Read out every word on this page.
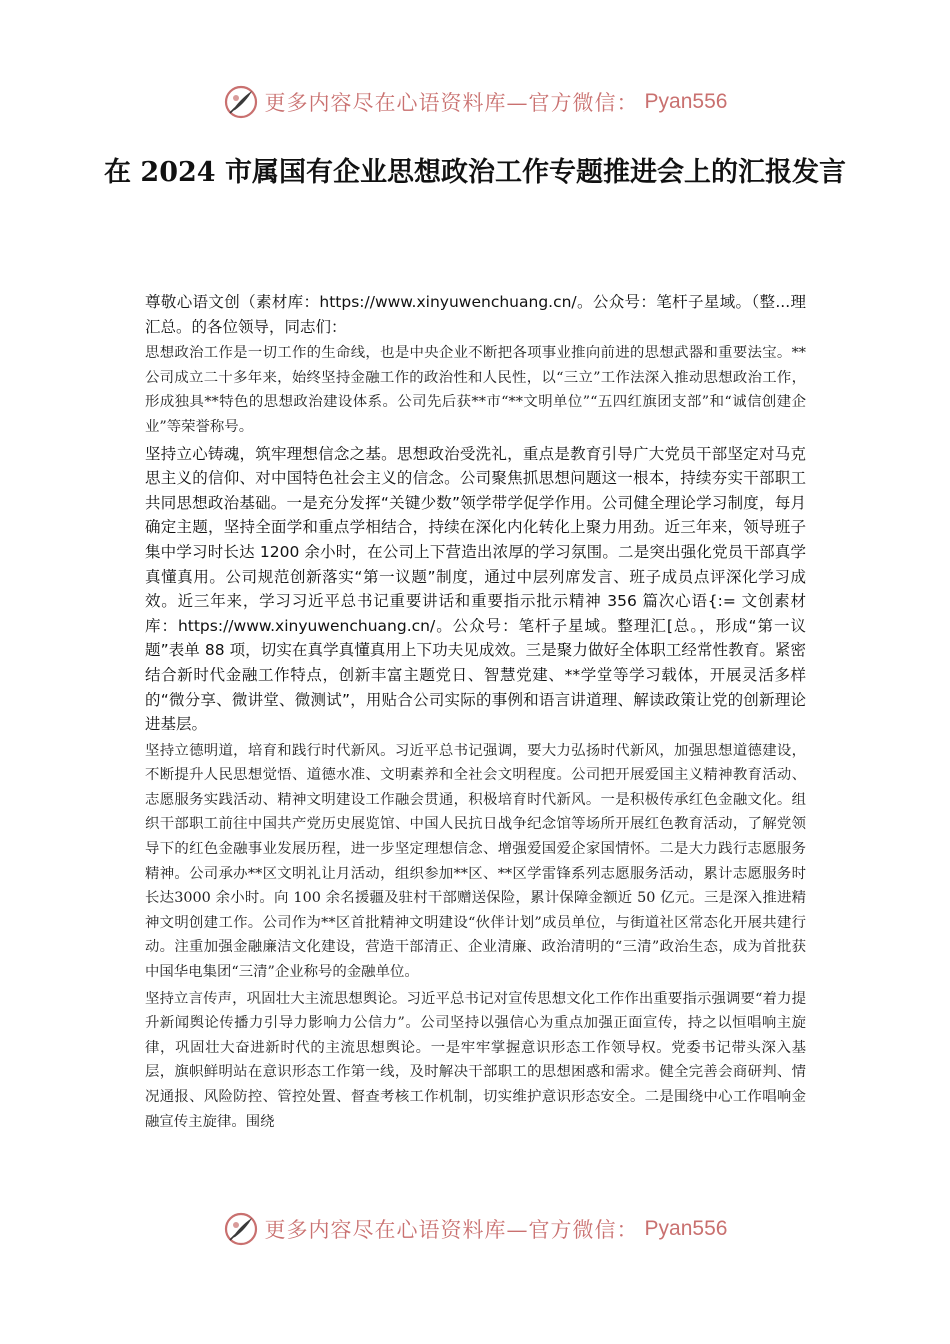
更多内容尽在心语资料库—官方微信： Pyan556
在 2024 市属国有企业思想政治工作专题推进会上的汇报发言

尊敬心语文创（素材库：https://www.xinyuwenchuang.cn/。公众号：笔杆子星域。（整...理汇总。的各位领导，同志们：

思想政治工作是一切工作的生命线，也是中央企业不断把各项事业推向前进的思想武器和重要法宝。**公司成立二十多年来，始终坚持金融工作的政治性和人民性，以“三立”工作法深入推动思想政治工作，形成独具**特色的思想政治建设体系。公司先后获**市“**文明单位”“五四红旗团支部”和“诚信创建企业”等荣誉称号。

坚持立心铸魂，筑牢理想信念之基。思想政治受洗礼，重点是教育引导广大党员干部坚定对马克思主义的信仰、对中国特色社会主义的信念。公司聚焦抓思想问题这一根本，持续夯实干部职工共同思想政治基础。一是充分发挥“关键少数”领学带学促学作用。公司健全理论学习制度，每月确定主题，坚持全面学和重点学相结合，持续在深化内化转化上聚力用劲。近三年来，领导班子集中学习时长达 1200 余小时，在公司上下营造出浓厚的学习氛围。二是突出强化党员干部真学真懂真用。公司规范创新落实“第一议题”制度，通过中层列席发言、班子成员点评深化学习成效。近三年来，学习习近平总书记重要讲话和重要指示批示精神 356 篇次心语{:= 文创素材库：https://www.xinyuwenchuang.cn/。公众号：笔杆子星域。整理汇[总。，形成“第一议题”表单 88 项，切实在真学真懂真用上下功夫见成效。三是聚力做好全体职工经常性教育。紧密结合新时代金融工作特点，创新丰富主题党日、智慧党建、**学堂等学习载体，开展灵活多样的“微分享、微讲堂、微测试”，用贴合公司实际的事例和语言讲道理、解读政策让党的创新理论进基层。

坚持立德明道，培育和践行时代新风。习近平总书记强调，要大力弘扬时代新风，加强思想道德建设，不断提升人民思想觉悟、道德水准、文明素养和全社会文明程度。公司把开展爱国主义精神教育活动、志愿服务实践活动、精神文明建设工作融会贯通，积极培育时代新风。一是积极传承红色金融文化。组织干部职工前往中国共产党历史展览馆、中国人民抗日战争纪念馆等场所开展红色教育活动，了解党领导下的红色金融事业发展历程，进一步坚定理想信念、增强爱国爱企家国情怀。二是大力践行志愿服务精神。公司承办**区文明礼让月活动，组织参加**区、**区学雷锋系列志愿服务活动，累计志愿服务时长达3000 余小时。向 100 余名援疆及驻村干部赠送保险，累计保障金额近 50 亿元。三是深入推进精神文明创建工作。公司作为**区首批精神文明建设“伙伴计划”成员单位，与街道社区常态化开展共建行动。注重加强金融廉洁文化建设，营造干部清正、企业清廉、政治清明的“三清”政治生态，成为首批获中国华电集团“三清”企业称号的金融单位。

坚持立言传声，巩固壮大主流思想舆论。习近平总书记对宣传思想文化工作作出重要指示强调要“着力提升新闻舆论传播力引导力影响力公信力”。公司坚持以强信心为重点加强正面宣传，持之以恒唱响主旋律，巩固壮大奋进新时代的主流思想舆论。一是牢牢掌握意识形态工作领导权。党委书记带头深入基层，旗帜鲜明站在意识形态工作第一线，及时解决干部职工的思想困惑和需求。健全完善会商研判、情况通报、风险防控、管控处置、督查考核工作机制，切实维护意识形态安全。二是围绕中心工作唱响金融宣传主旋律。围绕

更多内容尽在心语资料库—官方微信： Pyan556
